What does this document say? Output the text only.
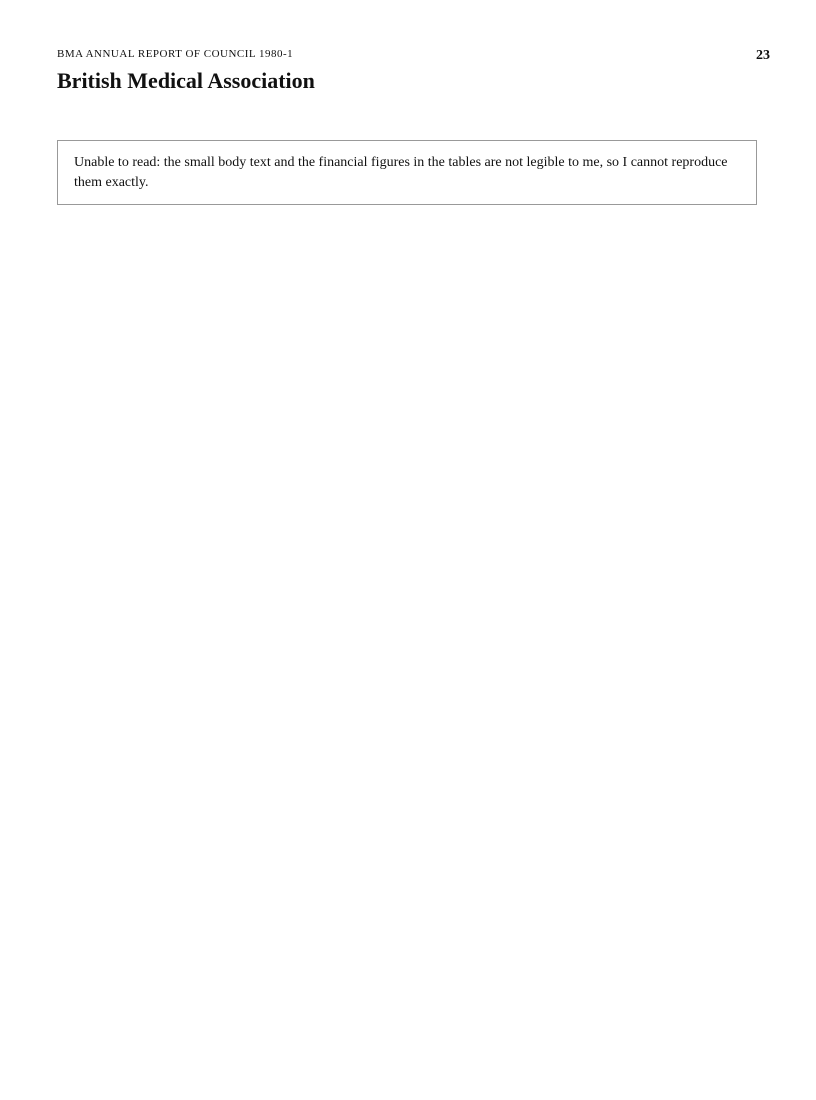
BMA ANNUAL REPORT OF COUNCIL 1980-1	23
British Medical Association
Unable to read: the small body text and the financial figures in the tables are not legible to me, so I cannot reproduce them exactly.
